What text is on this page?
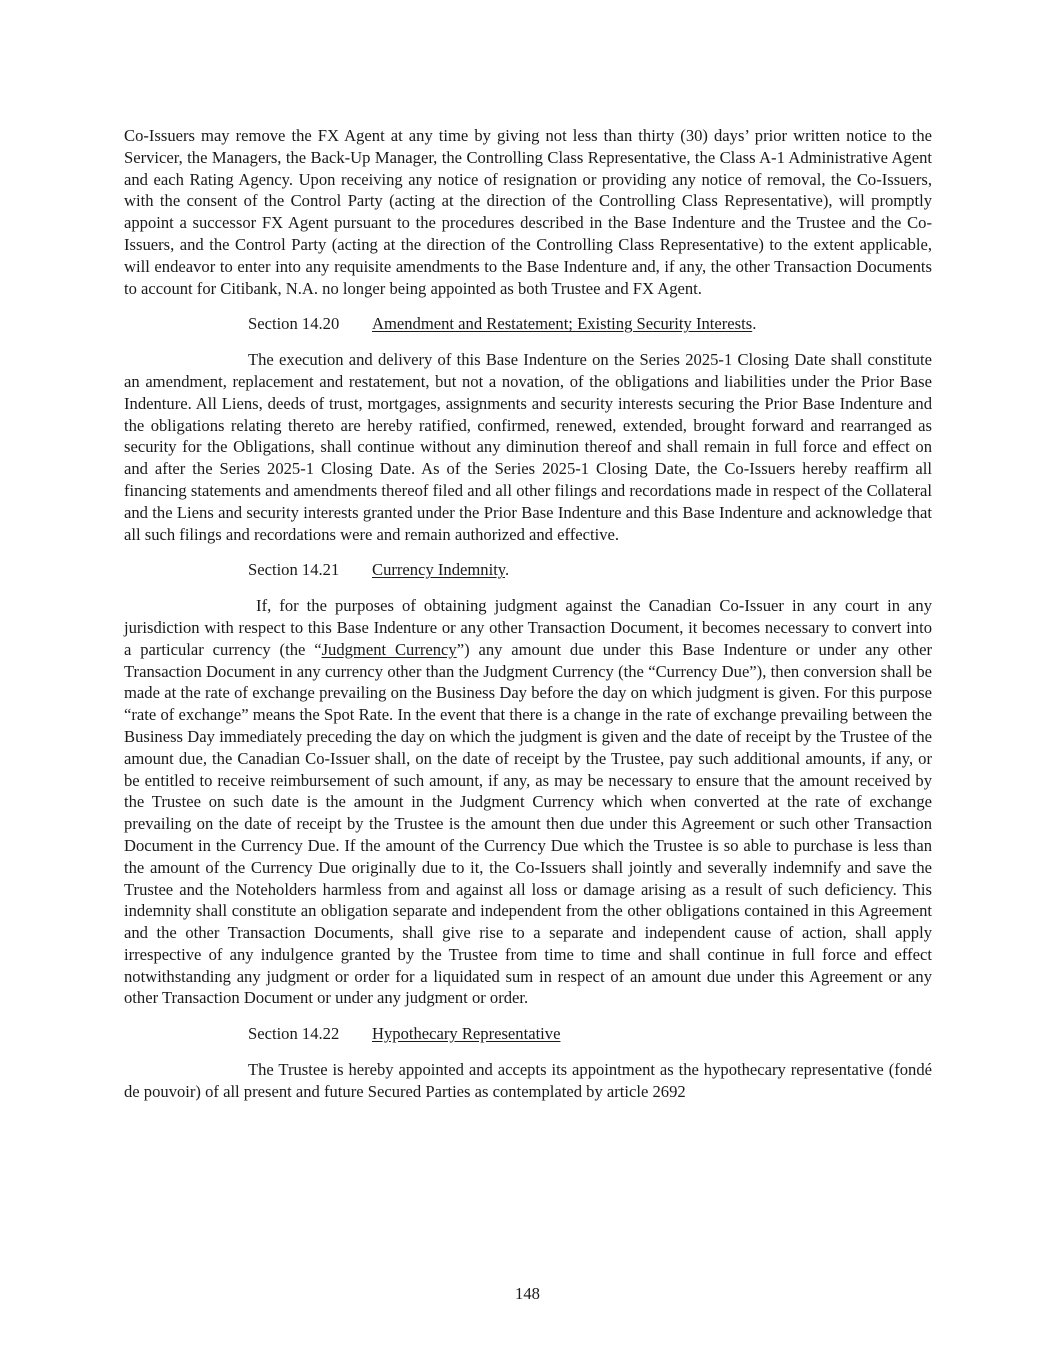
Co-Issuers may remove the FX Agent at any time by giving not less than thirty (30) days’ prior written notice to the Servicer, the Managers, the Back-Up Manager, the Controlling Class Representative, the Class A-1 Administrative Agent and each Rating Agency. Upon receiving any notice of resignation or providing any notice of removal, the Co-Issuers, with the consent of the Control Party (acting at the direction of the Controlling Class Representative), will promptly appoint a successor FX Agent pursuant to the procedures described in the Base Indenture and the Trustee and the Co-Issuers, and the Control Party (acting at the direction of the Controlling Class Representative) to the extent applicable, will endeavor to enter into any requisite amendments to the Base Indenture and, if any, the other Transaction Documents to account for Citibank, N.A. no longer being appointed as both Trustee and FX Agent.

Section 14.20 Amendment and Restatement; Existing Security Interests.

The execution and delivery of this Base Indenture on the Series 2025-1 Closing Date shall constitute an amendment, replacement and restatement, but not a novation, of the obligations and liabilities under the Prior Base Indenture. All Liens, deeds of trust, mortgages, assignments and security interests securing the Prior Base Indenture and the obligations relating thereto are hereby ratified, confirmed, renewed, extended, brought forward and rearranged as security for the Obligations, shall continue without any diminution thereof and shall remain in full force and effect on and after the Series 2025-1 Closing Date. As of the Series 2025-1 Closing Date, the Co-Issuers hereby reaffirm all financing statements and amendments thereof filed and all other filings and recordations made in respect of the Collateral and the Liens and security interests granted under the Prior Base Indenture and this Base Indenture and acknowledge that all such filings and recordations were and remain authorized and effective.

Section 14.21 Currency Indemnity.

If, for the purposes of obtaining judgment against the Canadian Co-Issuer in any court in any jurisdiction with respect to this Base Indenture or any other Transaction Document, it becomes necessary to convert into a particular currency (the “Judgment Currency”) any amount due under this Base Indenture or under any other Transaction Document in any currency other than the Judgment Currency (the “Currency Due”), then conversion shall be made at the rate of exchange prevailing on the Business Day before the day on which judgment is given. For this purpose “rate of exchange” means the Spot Rate. In the event that there is a change in the rate of exchange prevailing between the Business Day immediately preceding the day on which the judgment is given and the date of receipt by the Trustee of the amount due, the Canadian Co-Issuer shall, on the date of receipt by the Trustee, pay such additional amounts, if any, or be entitled to receive reimbursement of such amount, if any, as may be necessary to ensure that the amount received by the Trustee on such date is the amount in the Judgment Currency which when converted at the rate of exchange prevailing on the date of receipt by the Trustee is the amount then due under this Agreement or such other Transaction Document in the Currency Due. If the amount of the Currency Due which the Trustee is so able to purchase is less than the amount of the Currency Due originally due to it, the Co-Issuers shall jointly and severally indemnify and save the Trustee and the Noteholders harmless from and against all loss or damage arising as a result of such deficiency. This indemnity shall constitute an obligation separate and independent from the other obligations contained in this Agreement and the other Transaction Documents, shall give rise to a separate and independent cause of action, shall apply irrespective of any indulgence granted by the Trustee from time to time and shall continue in full force and effect notwithstanding any judgment or order for a liquidated sum in respect of an amount due under this Agreement or any other Transaction Document or under any judgment or order.

Section 14.22 Hypothecary Representative

The Trustee is hereby appointed and accepts its appointment as the hypothecary representative (fondé de pouvoir) of all present and future Secured Parties as contemplated by article 2692

148
